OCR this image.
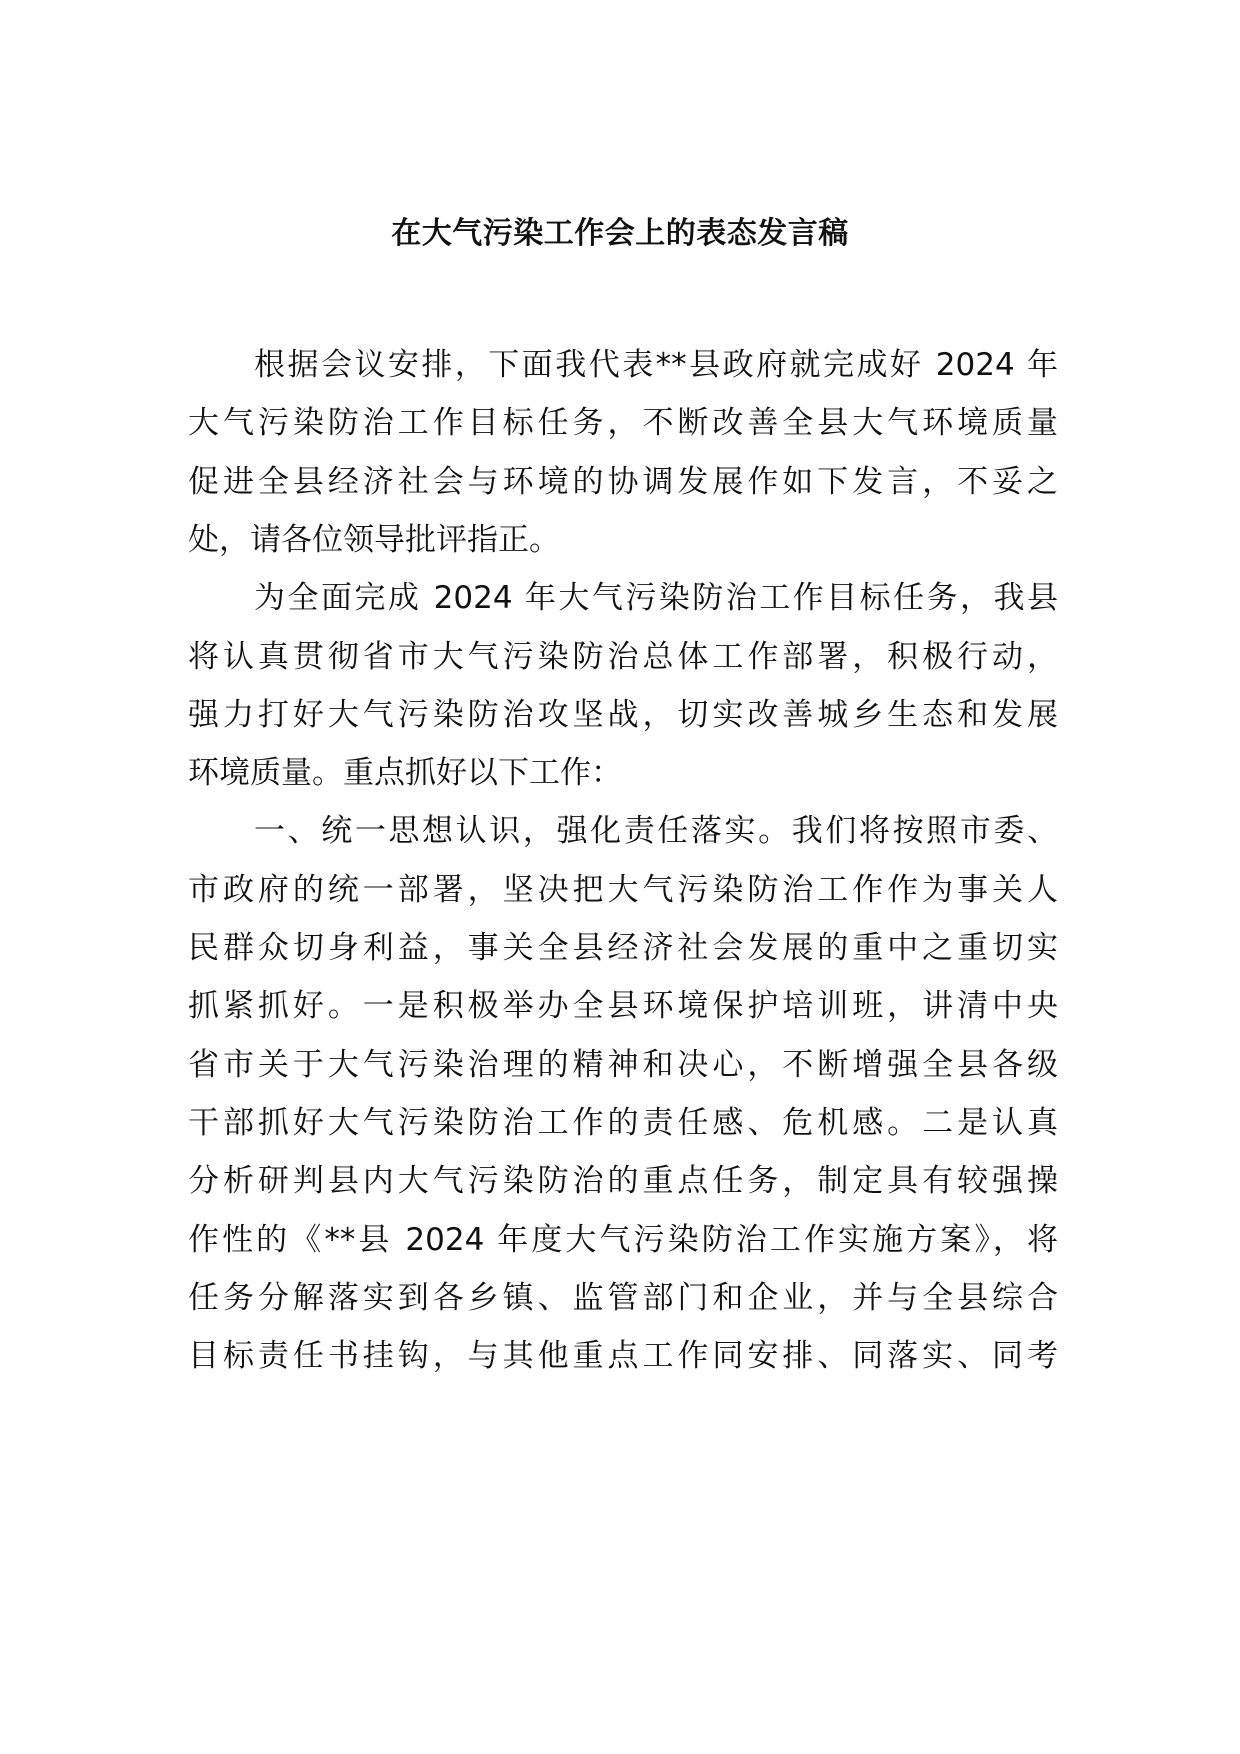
在大气污染工作会上的表态发言稿
根据会议安排，下面我代表**县政府就完成好 2024 年
大气污染防治工作目标任务，不断改善全县大气环境质量
促进全县经济社会与环境的协调发展作如下发言，不妥之
处，请各位领导批评指正。
为全面完成 2024 年大气污染防治工作目标任务，我县
将认真贯彻省市大气污染防治总体工作部署，积极行动，
强力打好大气污染防治攻坚战，切实改善城乡生态和发展
环境质量。重点抓好以下工作：
一、统一思想认识，强化责任落实。我们将按照市委、
市政府的统一部署，坚决把大气污染防治工作作为事关人
民群众切身利益，事关全县经济社会发展的重中之重切实
抓紧抓好。一是积极举办全县环境保护培训班，讲清中央
省市关于大气污染治理的精神和决心，不断增强全县各级
干部抓好大气污染防治工作的责任感、危机感。二是认真
分析研判县内大气污染防治的重点任务，制定具有较强操
作性的《**县 2024 年度大气污染防治工作实施方案》，将
任务分解落实到各乡镇、监管部门和企业，并与全县综合
目标责任书挂钩，与其他重点工作同安排、同落实、同考
